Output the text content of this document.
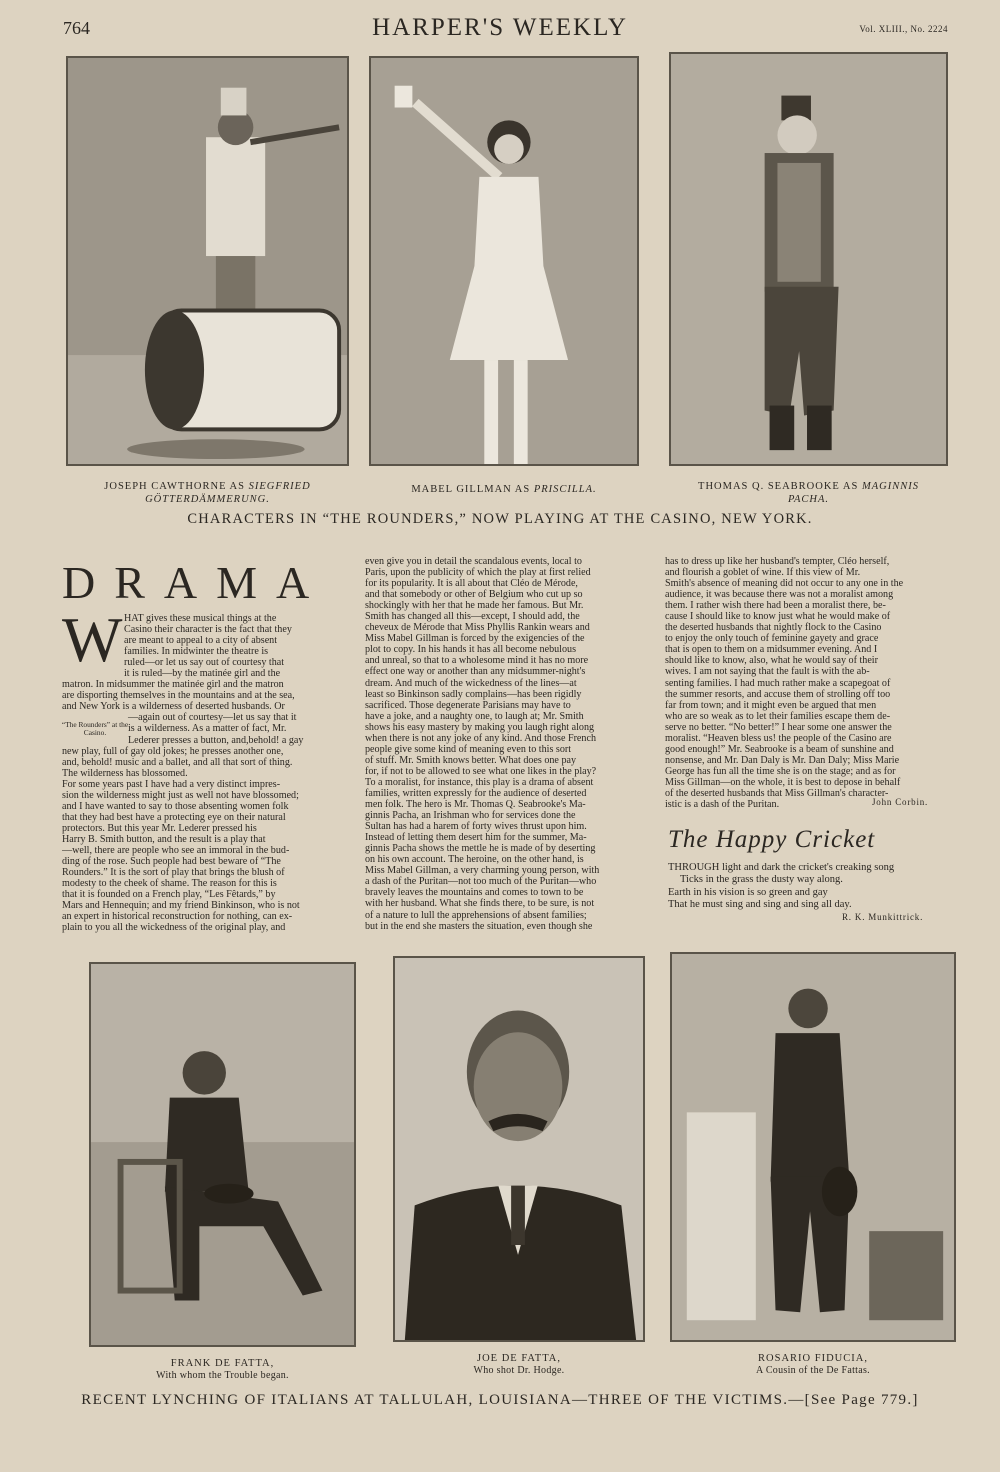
764	HARPER'S WEEKLY	Vol. XLIII., No. 2224
JOSEPH CAWTHORNE AS SIEGFRIED
GÖTTERDÄMMERUNG.
MABEL GILLMAN AS PRISCILLA.	THOMAS Q. SEABROOKE AS MAGINNIS
PACHA.
CHARACTERS IN “THE ROUNDERS,” NOW PLAYING AT THE CASINO, NEW YORK.
DRAMA
W
“The Rounders” at the Casino.
HAT gives these musical things at the
Casino their character is the fact that they
are meant to appeal to a city of absent
families. In midwinter the theatre is
ruled—or let us say out of courtesy that
it is ruled—by the matinée girl and the
matron. In midsummer the matinée girl and the matron
are disporting themselves in the mountains and at the sea,
and New York is a wilderness of deserted husbands. Or
—again out of courtesy—let us say that it
is a wilderness. As a matter of fact, Mr.
Lederer presses a button, and,behold! a gay
new play, full of gay old jokes; he presses another one,
and, behold! music and a ballet, and all that sort of thing.
The wilderness has blossomed.
For some years past I have had a very distinct impres-
sion the wilderness might just as well not have blossomed;
and I have wanted to say to those absenting women folk
that they had best have a protecting eye on their natural
protectors. But this year Mr. Lederer pressed his
Harry B. Smith button, and the result is a play that
—well, there are people who see an immoral in the bud-
ding of the rose. Such people had best beware of “The
Rounders.” It is the sort of play that brings the blush of
modesty to the cheek of shame. The reason for this is
that it is founded on a French play, “Les Fêtards,” by
Mars and Hennequin; and my friend Binkinson, who is not
an expert in historical reconstruction for nothing, can ex-
plain to you all the wickedness of the original play, and
even give you in detail the scandalous events, local to
Paris, upon the publicity of which the play at first relied
for its popularity. It is all about that Cléo de Mérode,
and that somebody or other of Belgium who cut up so
shockingly with her that he made her famous. But Mr.
Smith has changed all this—except, I should add, the
cheveux de Mérode that Miss Phyllis Rankin wears and
Miss Mabel Gillman is forced by the exigencies of the
plot to copy. In his hands it has all become nebulous
and unreal, so that to a wholesome mind it has no more
effect one way or another than any midsummer-night's
dream. And much of the wickedness of the lines—at
least so Binkinson sadly complains—has been rigidly
sacrificed. Those degenerate Parisians may have to
have a joke, and a naughty one, to laugh at; Mr. Smith
shows his easy mastery by making you laugh right along
when there is not any joke of any kind. And those French
people give some kind of meaning even to this sort
of stuff. Mr. Smith knows better. What does one pay
for, if not to be allowed to see what one likes in the play?
To a moralist, for instance, this play is a drama of absent
families, written expressly for the audience of deserted
men folk. The hero is Mr. Thomas Q. Seabrooke's Ma-
ginnis Pacha, an Irishman who for services done the
Sultan has had a harem of forty wives thrust upon him.
Instead of letting them desert him for the summer, Ma-
ginnis Pacha shows the mettle he is made of by deserting
on his own account. The heroine, on the other hand, is
Miss Mabel Gillman, a very charming young person, with
a dash of the Puritan—not too much of the Puritan—who
bravely leaves the mountains and comes to town to be
with her husband. What she finds there, to be sure, is not
of a nature to lull the apprehensions of absent families;
but in the end she masters the situation, even though she
has to dress up like her husband's tempter, Cléo herself,
and flourish a goblet of wine. If this view of Mr.
Smith's absence of meaning did not occur to any one in the
audience, it was because there was not a moralist among
them. I rather wish there had been a moralist there, be-
cause I should like to know just what he would make of
the deserted husbands that nightly flock to the Casino
to enjoy the only touch of feminine gayety and grace
that is open to them on a midsummer evening. And I
should like to know, also, what he would say of their
wives. I am not saying that the fault is with the ab-
senting families. I had much rather make a scapegoat of
the summer resorts, and accuse them of strolling off too
far from town; and it might even be argued that men
who are so weak as to let their families escape them de-
serve no better. “No better!” I hear some one answer the
moralist. “Heaven bless us! the people of the Casino are
good enough!” Mr. Seabrooke is a beam of sunshine and
nonsense, and Mr. Dan Daly is Mr. Dan Daly; Miss Marie
George has fun all the time she is on the stage; and as for
Miss Gillman—on the whole, it is best to depose in behalf
of the deserted husbands that Miss Gillman's character-
istic is a dash of the Puritan.	John Corbin.
The Happy Cricket
THROUGH light and dark the cricket's creaking song
Ticks in the grass the dusty way along.
Earth in his vision is so green and gay
That he must sing and sing and sing all day.
R. K. Munkittrick.
FRANK DE FATTA,
With whom the Trouble began.
JOE DE FATTA,
Who shot Dr. Hodge.
ROSARIO FIDUCIA,
A Cousin of the De Fattas.
RECENT LYNCHING OF ITALIANS AT TALLULAH, LOUISIANA—THREE OF THE VICTIMS.—[See Page 779.]
